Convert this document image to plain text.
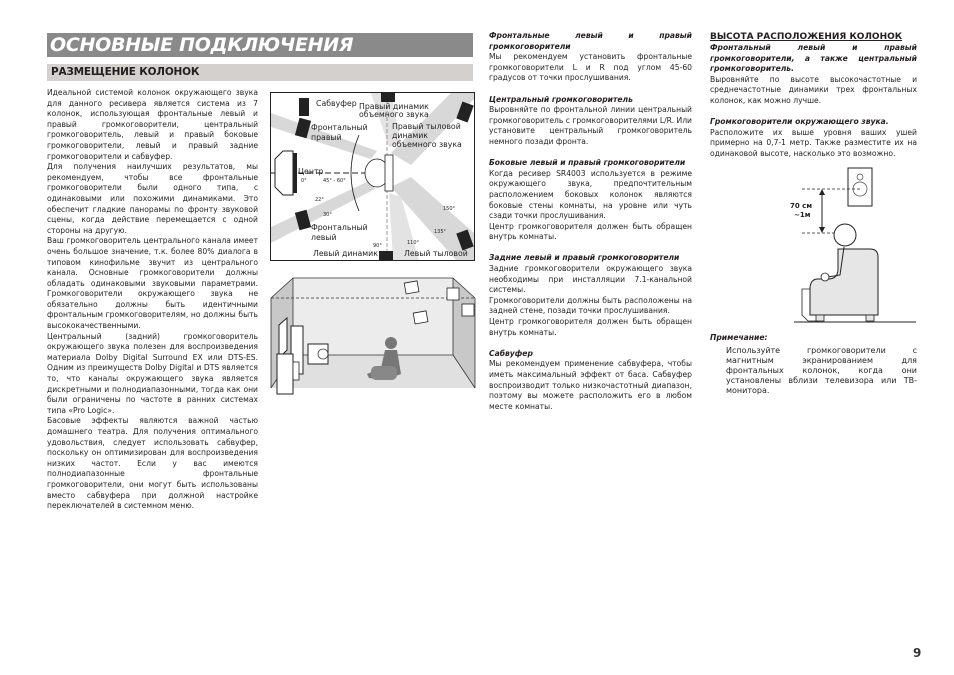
ОСНОВНЫЕ ПОДКЛЮЧЕНИЯ
РАЗМЕЩЕНИЕ КОЛОНОК

Идеальной системой колонок окружающего звука для данного ресивера является система из 7 колонок, использующая фронтальные левый и правый громкоговорители, центральный громкоговоритель, левый и правый боковые громкоговорители, левый и правый задние громкоговорители и сабвуфер.

Для получения наилучших результатов, мы рекомендуем, чтобы все фронтальные громкоговорители были одного типа, с одинаковыми или похожими динамиками. Это обеспечит гладкие панорамы по фронту звуковой сцены, когда действие перемещается с одной стороны на другую.

Ваш громкоговоритель центрального канала имеет очень большое значение, т.к. более 80% диалога в типовом кинофильме звучит из центрального канала. Основные громкоговорители должны обладать одинаковыми звуковыми параметрами. Громкоговорители окружающего звука не обязательно должны быть идентичными фронтальным громкоговорителям, но должны быть высококачественными.

Центральный (задний) громкоговоритель окружающего звука полезен для воспроизведения материала Dolby Digital Surround EX или DTS-ES. Одним из преимуществ Dolby Digital и DTS является то, что каналы окружающего звука является дискретными и полнодиапазонными, тогда как они были ограничены по частоте в ранних системах типа «Pro Logic».

Басовые эффекты являются важной частью домашнего театра. Для получения оптимального удовольствия, следует использовать сабвуфер, поскольку он оптимизирован для воспроизведения низких частот. Если у вас имеются полнодиапазонные фронтальные громкоговорители, они могут быть использованы вместо сабвуфера при должной настройке переключателей в системном меню.

Сабвуфер Правый динамик объемного звука
Фронтальный правый
Правый тыловой динамик объемного звука
Центр
0°	45° - 60°
22°
30°
Фронтальный левый
90°	110°
135°
150°
Левый динамик	Левый тыловой

Фронтальные левый и правый громкоговорители

Мы рекомендуем установить фронтальные громкоговорители L и R под углом 45-60 градусов от точки прослушивания.

Центральный громкоговоритель

Выровняйте по фронтальной линии центральный громкоговоритель с громкоговорителями L/R. Или установите центральный громкоговоритель немного позади фронта.

Боковые левый и правый громкоговорители

Когда ресивер SR4003 используется в режиме окружающего звука, предпочтительным расположением боковых колонок являются боковые стены комнаты, на уровне или чуть сзади точки прослушивания.

Центр громкоговорителя должен быть обращен внутрь комнаты.

Задние левый и правый громкоговорители

Задние громкоговорители окружающего звука необходимы при инсталляции 7.1-канальной системы.

Громкоговорители должны быть расположены на задней стене, позади точки прослушивания.

Центр громкоговорителя должен быть обращен внутрь комнаты.

Сабвуфер

Мы рекомендуем применение сабвуфера, чтобы иметь максимальный эффект от баса. Сабвуфер воспроизводит только низкочастотный диапазон, поэтому вы можете расположить его в любом месте комнаты.

ВЫСОТА РАСПОЛОЖЕНИЯ КОЛОНОК

Фронтальный левый и правый громкоговорители, а также центральный громкоговоритель.

Выровняйте по высоте высокочастотные и среднечастотные динамики трех фронтальных колонок, как можно лучше.

Громкоговорители окружающего звука.

Расположите их выше уровня ваших ушей примерно на 0,7-1 метр. Также разместите их на одинаковой высоте, насколько это возможно.

70 см
~1м

Примечание:

Используйте громкоговорители с магнитным экранированием для фронтальных колонок, когда они установлены вблизи телевизора или ТВ-монитора.

9
